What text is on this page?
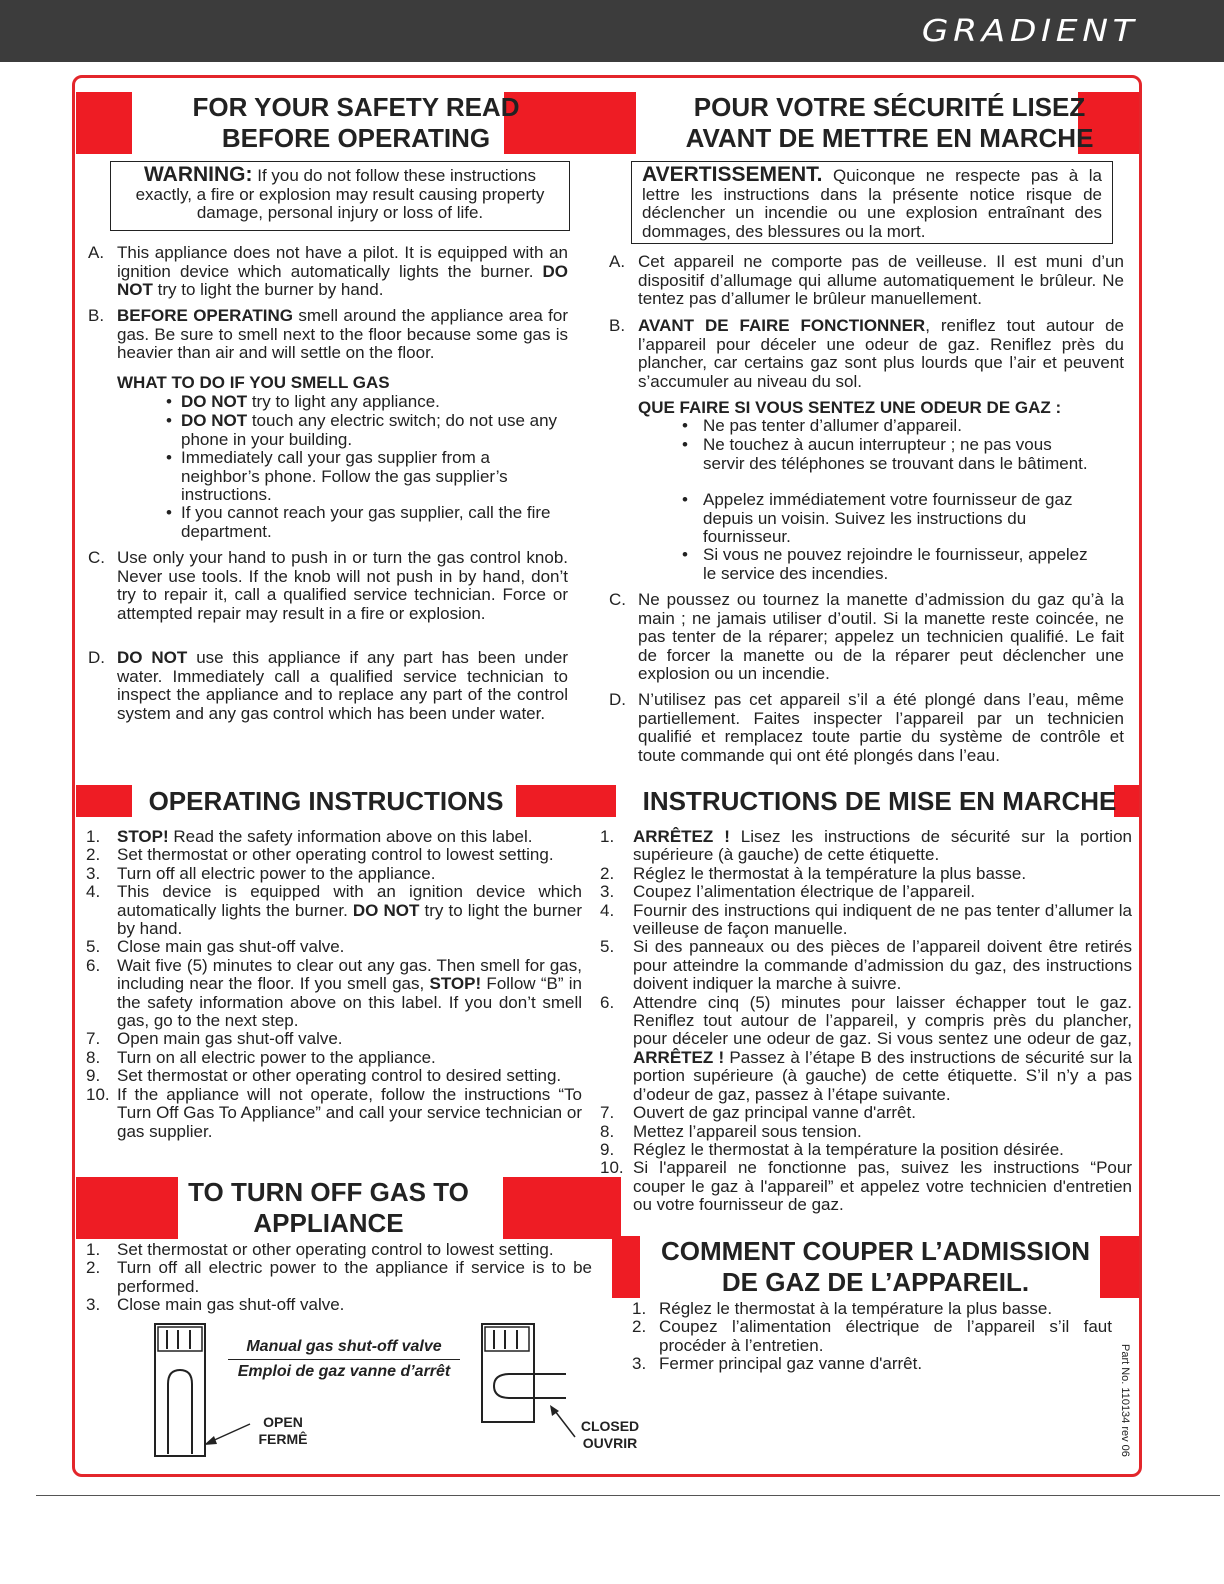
GRADIENT
FOR YOUR SAFETY READ
BEFORE OPERATING
POUR VOTRE SÉCURITÉ LISEZ
AVANT DE METTRE EN MARCHE
WARNING: If you do not follow these instructions exactly, a fire or explosion may result causing property damage, personal injury or loss of life.
AVERTISSEMENT. Quiconque ne respecte pas à la lettre les instructions dans la présente notice risque de déclencher un incendie ou une explosion entraînant des dommages, des blessures ou la mort.
A. This appliance does not have a pilot. It is equipped with an ignition device which automatically lights the burner. DO NOT try to light the burner by hand.
B. BEFORE OPERATING smell around the appliance area for gas. Be sure to smell next to the floor because some gas is heavier than air and will settle on the floor.
WHAT TO DO IF YOU SMELL GAS
• DO NOT try to light any appliance.
• DO NOT touch any electric switch; do not use any phone in your building.
• Immediately call your gas supplier from a neighbor’s phone. Follow the gas supplier’s instructions.
• If you cannot reach your gas supplier, call the fire department.
C. Use only your hand to push in or turn the gas control knob. Never use tools. If the knob will not push in by hand, don’t try to repair it, call a qualified service technician. Force or attempted repair may result in a fire or explosion.
D. DO NOT use this appliance if any part has been under water. Immediately call a qualified service technician to inspect the appliance and to replace any part of the control system and any gas control which has been under water.
A. Cet appareil ne comporte pas de veilleuse. Il est muni d’un dispositif d’allumage qui allume automatiquement le brûleur. Ne tentez pas d’allumer le brûleur manuellement.
B. AVANT DE FAIRE FONCTIONNER, reniflez tout autour de l’appareil pour déceler une odeur de gaz. Reniflez près du plancher, car certains gaz sont plus lourds que l’air et peuvent s’accumuler au niveau du sol.
QUE FAIRE SI VOUS SENTEZ UNE ODEUR DE GAZ :
• Ne pas tenter d’allumer d’appareil.
• Ne touchez à aucun interrupteur ; ne pas vous servir des téléphones se trouvant dans le bâtiment.
• Appelez immédiatement votre fournisseur de gaz depuis un voisin. Suivez les instructions du fournisseur.
• Si vous ne pouvez rejoindre le fournisseur, appelez le service des incendies.
C. Ne poussez ou tournez la manette d’admission du gaz qu’à la main ; ne jamais utiliser d’outil. Si la manette reste coincée, ne pas tenter de la réparer; appelez un technicien qualifié. Le fait de forcer la manette ou de la réparer peut déclencher une explosion ou un incendie.
D. N’utilisez pas cet appareil s’il a été plongé dans l’eau, même partiellement. Faites inspecter l’appareil par un technicien qualifié et remplacez toute partie du système de contrôle et toute commande qui ont été plongés dans l’eau.
OPERATING INSTRUCTIONS	INSTRUCTIONS DE MISE EN MARCHE
1. STOP! Read the safety information above on this label.
2. Set thermostat or other operating control to lowest setting.
3. Turn off all electric power to the appliance.
4. This device is equipped with an ignition device which automatically lights the burner. DO NOT try to light the burner by hand.
5. Close main gas shut-off valve.
6. Wait five (5) minutes to clear out any gas. Then smell for gas, including near the floor. If you smell gas, STOP! Follow “B” in the safety information above on this label. If you don’t smell gas, go to the next step.
7. Open main gas shut-off valve.
8. Turn on all electric power to the appliance.
9. Set thermostat or other operating control to desired setting.
10. If the appliance will not operate, follow the instructions “To Turn Off Gas To Appliance” and call your service technician or gas supplier.
1. ARRÊTEZ ! Lisez les instructions de sécurité sur la portion supérieure (à gauche) de cette étiquette.
2. Réglez le thermostat à la température la plus basse.
3. Coupez l’alimentation électrique de l’appareil.
4. Fournir des instructions qui indiquent de ne pas tenter d’allumer la veilleuse de façon manuelle.
5. Si des panneaux ou des pièces de l’appareil doivent être retirés pour atteindre la commande d’admission du gaz, des instructions doivent indiquer la marche à suivre.
6. Attendre cinq (5) minutes pour laisser échapper tout le gaz. Reniflez tout autour de l’appareil, y compris près du plancher, pour déceler une odeur de gaz. Si vous sentez une odeur de gaz, ARRÊTEZ ! Passez à l’étape B des instructions de sécurité sur la portion supérieure (à gauche) de cette étiquette. S’il n’y a pas d’odeur de gaz, passez à l’étape suivante.
7. Ouvert de gaz principal vanne d'arrêt.
8. Mettez l’appareil sous tension.
9. Réglez le thermostat à la température la position désirée.
10. Si l'appareil ne fonctionne pas, suivez les instructions “Pour couper le gaz à l'appareil” et appelez votre technicien d'entretien ou votre fournisseur de gaz.
TO TURN OFF GAS TO
APPLIANCE
1. Set thermostat or other operating control to lowest setting.
2. Turn off all electric power to the appliance if service is to be performed.
3. Close main gas shut-off valve.
COMMENT COUPER L’ADMISSION
DE GAZ DE L’APPAREIL.
1. Réglez le thermostat à la température la plus basse.
2. Coupez l’alimentation électrique de l’appareil s’il faut procéder à l’entretien.
3. Fermer principal gaz vanne d'arrêt.
Manual gas shut-off valve
Emploi de gaz vanne d’arrêt
OPEN
FERMÊ
CLOSED
OUVRIR	Part No. 110134 rev 06
